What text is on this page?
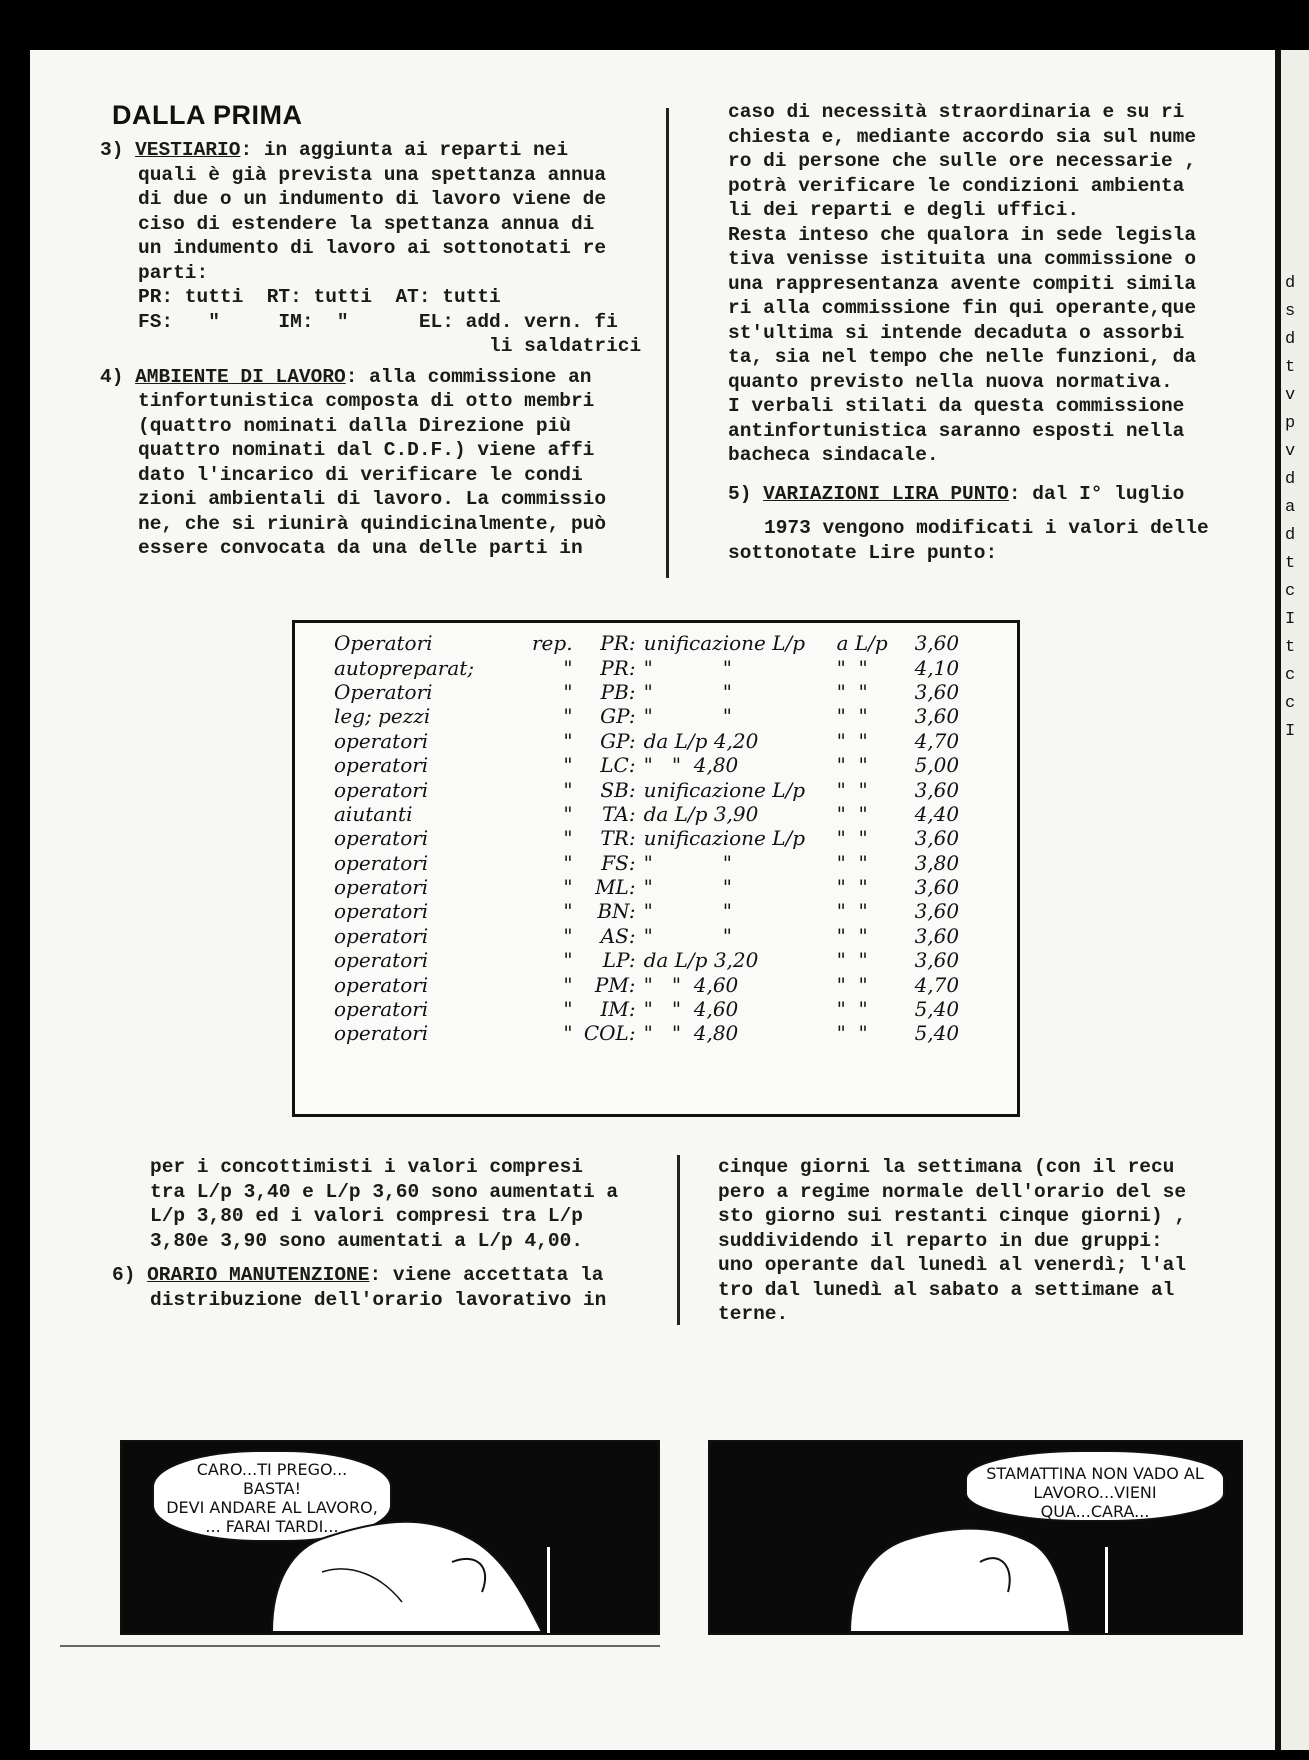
DALLA PRIMA

3) VESTIARIO: in aggiunta ai reparti nei

quali è già prevista una spettanza annua

di due o un indumento di lavoro viene de

ciso di estendere la spettanza annua di

un indumento di lavoro ai sottonotati re

parti:

PR: tutti  RT: tutti  AT: tutti

FS:   "     IM:  "      EL: add. vern. fi

li saldatrici

4) AMBIENTE DI LAVORO: alla commissione an

tinfortunistica composta di otto membri

(quattro nominati dalla Direzione più

quattro nominati dal C.D.F.) viene affi

dato l'incarico di verificare le condi

zioni ambientali di lavoro. La commissio

ne, che si riunirà quindicinalmente, può

essere convocata da una delle parti in

caso di necessità straordinaria e su ri

chiesta e, mediante accordo sia sul nume

ro di persone che sulle ore necessarie ,

potrà verificare le condizioni ambienta

li dei reparti e degli uffici.

Resta inteso che qualora in sede legisla

tiva venisse istituita una commissione o

una rappresentanza avente compiti simila

ri alla commissione fin qui operante,que

st'ultima si intende decaduta o assorbi

ta, sia nel tempo che nelle funzioni, da

quanto previsto nella nuova normativa.

I verbali stilati da questa commissione

antinfortunistica saranno esposti nella

bacheca sindacale.

5) VARIAZIONI LIRA PUNTO: dal I° luglio

1973 vengono modificati i valori delle

sottonotate Lire punto:

Operatori	rep.	PR:	unificazione L/p	a L/p	3,60
autopreparat;	"	PR:	"           "	"  "	4,10
Operatori	"	PB:	"           "	"  "	3,60
leg; pezzi	"	GP:	"           "	"  "	3,60
operatori	"	GP:	da L/p 4,20	"  "	4,70
operatori	"	LC:	"   "  4,80	"  "	5,00
operatori	"	SB:	unificazione L/p	"  "	3,60
aiutanti	"	TA:	da L/p 3,90	"  "	4,40
operatori	"	TR:	unificazione L/p	"  "	3,60
operatori	"	FS:	"           "	"  "	3,80
operatori	"	ML:	"           "	"  "	3,60
operatori	"	BN:	"           "	"  "	3,60
operatori	"	AS:	"           "	"  "	3,60
operatori	"	LP:	da L/p 3,20	"  "	3,60
operatori	"	PM:	"   "  4,60	"  "	4,70
operatori	"	IM:	"   "  4,60	"  "	5,40
operatori	"	COL:	"   "  4,80	"  "	5,40

per i concottimisti i valori compresi

tra L/p 3,40 e L/p 3,60 sono aumentati a

L/p 3,80 ed i valori compresi tra L/p

3,80e 3,90 sono aumentati a L/p 4,00.

6) ORARIO MANUTENZIONE: viene accettata la

distribuzione dell'orario lavorativo in

cinque giorni la settimana (con il recu

pero a regime normale dell'orario del se

sto giorno sui restanti cinque giorni) ,

suddividendo il reparto in due gruppi:

uno operante dal lunedì al venerdì; l'al

tro dal lunedì al sabato a settimane al

terne.

CARO...TI PREGO... BASTA!

DEVI ANDARE AL LAVORO,

... FARAI TARDI...

STAMATTINA NON VADO AL

LAVORO...VIENI QUA...CARA...

d
s
d
t
v
p
v
d
a
d
t
c
I
t
c
c
I
